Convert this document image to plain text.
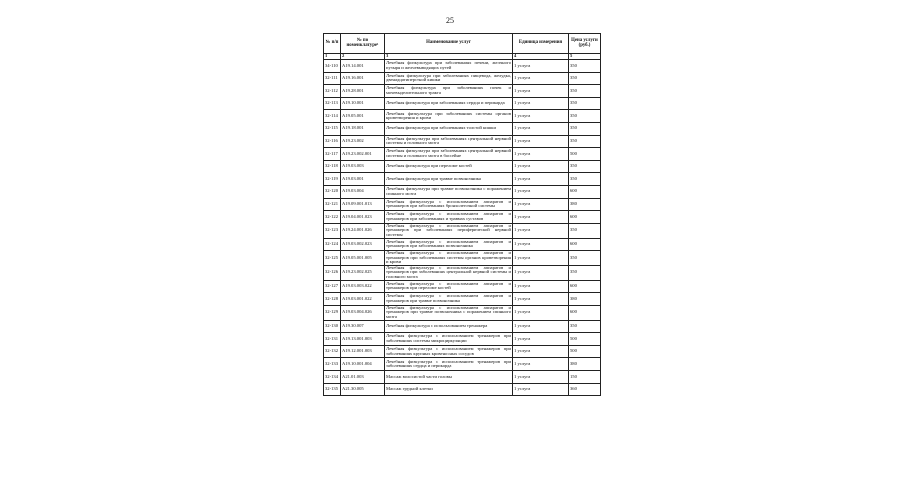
25
№ п/п	№ по номенклатуре¹	Наименование услуг	Единица измерения	Цена услуги (руб.)
1	2	3	4	5
34-110	A19.14.001	Лечебная физкультура при заболеваниях печени, желчного пузыря и желчевыводящих путей	1 услуга	350
32-111	A19.16.001	Лечебная физкультура при заболеваниях пищевода, желудка, двенадцатиперстной кишки	1 услуга	350
32-112	A19.28.001	Лечебная физкультура при заболеваниях почек и мочевыделительного тракта	1 услуга	350
32-113	A19.10.001	Лечебная физкультура при заболеваниях сердца и перикарда	1 услуга	350
32-114	A19.05.001	Лечебная физкультура при заболеваниях системы органов кроветворения и крови	1 услуга	350
32-115	A19.18.001	Лечебная физкультура при заболеваниях толстой кишки	1 услуга	350
32-116	A19.23.002	Лечебная физкультура при заболеваниях центральной нервной системы и головного мозга	1 услуга	350
32-117	A19.23.002.001	Лечебная физкультура при заболеваниях центральной нервной системы и головного мозга в бассейне	1 услуга	500
32-118	A19.03.003	Лечебная физкультура при переломе костей	1 услуга	350
32-119	A19.03.001	Лечебная физкультура при травме позвоночника	1 услуга	350
32-120	A19.03.004	Лечебная физкультура при травме позвоночника с поражением спинного мозга	1 услуга	600
32-121	A19.09.001.013	Лечебная физкультура с использованием аппаратов и тренажеров при заболеваниях бронхолегочной системы	1 услуга	380
32-122	A19.04.001.023	Лечебная физкультура с использованием аппаратов и тренажеров при заболеваниях и травмах суставов	1 услуга	600
32-123	A19.24.001.026	Лечебная физкультура с использованием аппаратов и тренажеров при заболеваниях периферической нервной системы	1 услуга	350
32-124	A19.03.002.023	Лечебная физкультура с использованием аппаратов и тренажеров при заболеваниях позвоночника	1 услуга	600
32-125	A19.05.001.005	Лечебная физкультура с использованием аппаратов и тренажеров при заболеваниях системы органов кроветворения и крови	1 услуга	350
32-126	A19.23.002.025	Лечебная физкультура с использованием аппаратов и тренажеров при заболеваниях центральной нервной системы и головного мозга	1 услуга	350
32-127	A19.03.003.022	Лечебная физкультура с использованием аппаратов и тренажеров при переломе костей	1 услуга	600
32-128	A19.03.001.022	Лечебная физкультура с использованием аппаратов и тренажеров при травме позвоночника	1 услуга	380
32-129	A19.03.004.026	Лечебная физкультура с использованием аппаратов и тренажеров при травме позвоночника с поражением спинного мозга	1 услуга	600
32-130	A19.30.007	Лечебная физкультура с использованием тренажера	1 услуга	350
32-131	A19.13.001.003	Лечебная физкультура с использованием тренажеров при заболеваниях системы микроциркуляции	1 услуга	500
32-132	A19.12.001.003	Лечебная физкультура с использованием тренажеров при заболеваниях крупных кровеносных сосудов	1 услуга	500
32-133	A19.10.001.004	Лечебная физкультура с использованием тренажеров при заболеваниях сердца и перикарда	1 услуга	380
32-134	A21.01.003	Массаж волосистой части головы	1 услуга	150
32-135	A21.30.005	Массаж грудной клетки	1 услуга	360
